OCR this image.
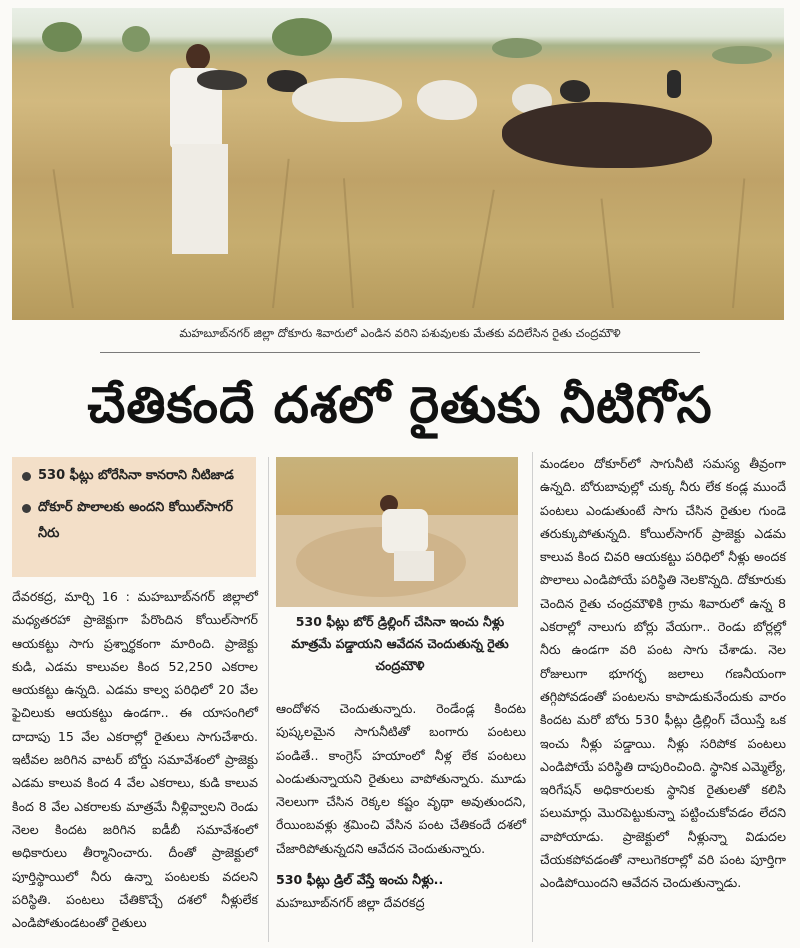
మహబూబ్‌నగర్ జిల్లా దోకూరు శివారులో ఎండిన వరిని పశువులకు మేతకు వదిలేసిన రైతు చంద్రమౌళి
చేతికందే దశలో రైతుకు నీటిగోస
530 ఫీట్లు బోరేసినా కానరాని నీటిజాడ
దోకూర్ పొలాలకు అందని కోయిల్‌సాగర్ నీరు
దేవరకద్ర, మార్చి 16 : మహబూబ్‌నగర్ జిల్లాలో మధ్యతరహా ప్రాజెక్టుగా పేరొందిన కోయిల్‌సాగర్ ఆయకట్టు సాగు ప్రశ్నార్థకంగా మారింది. ప్రాజెక్టు కుడి, ఎడమ కాలువల కింద 52,250 ఎకరాల ఆయకట్టు ఉన్నది. ఎడమ కాల్వ పరిధిలో 20 వేల ఫైచిలుకు ఆయకట్టు ఉండగా.. ఈ యాసంగిలో దాదాపు 15 వేల ఎకరాల్లో రైతులు సాగుచేశారు. ఇటీవల జరిగిన వాటర్ బోర్డు సమావేశంలో ప్రాజెక్టు ఎడమ కాలువ కింద 4 వేల ఎకరాలు, కుడి కాలువ కింద 8 వేల ఎకరాలకు మాత్రమే నీళ్లివ్వాలని రెండు నెలల కిందట జరిగిన ఐడీబీ సమావేశంలో అధికారులు తీర్మానించారు. దీంతో ప్రాజెక్టులో పూర్తిస్థాయిలో నీరు ఉన్నా పంటలకు వదలని పరిస్థితి. పంటలు చేతికొచ్చే దశలో నీళ్లులేక ఎండిపోతుండటంతో రైతులు
530 ఫీట్లు బోర్ డ్రిల్లింగ్ చేసినా ఇంచు నీళ్లు మాత్రమే పడ్డాయని ఆవేదన చెందుతున్న రైతు చంద్రమౌళి
ఆందోళన చెందుతున్నారు. రెండేండ్ల కిందట పుష్కలమైన సాగునీటితో బంగారు పంటలు పండితే.. కాంగ్రెస్ హయాంలో నీళ్ల లేక పంటలు ఎండుతున్నాయని రైతులు వాపోతున్నారు. మూడు నెలలుగా చేసిన రెక్కల కష్టం వృథా అవుతుందని, రేయింబవళ్లు శ్రమించి వేసిన పంట చేతికందే దశలో చేజారిపోతున్నదని ఆవేదన చెందుతున్నారు.
530 ఫీట్లు డ్రిల్ వేస్తే ఇంచు నీళ్లు..
మహబూబ్‌నగర్ జిల్లా దేవరకద్ర
మండలం దోకూర్‌లో సాగునీటి సమస్య తీవ్రంగా ఉన్నది. బోరుబావుల్లో చుక్క నీరు లేక కండ్ల ముందే పంటలు ఎండుతుంటే సాగు చేసిన రైతుల గుండె తరుక్కుపోతున్నది. కోయిల్‌సాగర్ ప్రాజెక్టు ఎడమ కాలువ కింద చివరి ఆయకట్టు పరిధిలో నీళ్లు అందక పొలాలు ఎండిపోయే పరిస్థితి నెలకొన్నది. దోకూరుకు చెందిన రైతు చంద్రమౌళికి గ్రామ శివారులో ఉన్న 8 ఎకరాల్లో నాలుగు బోర్లు వేయగా.. రెండు బోర్లల్లో నీరు ఉండగా వరి పంట సాగు చేశాడు. నెల రోజులుగా భూగర్భ జలాలు గణనీయంగా తగ్గిపోవడంతో పంటలను కాపాడుకునేందుకు వారం కిందట మరో బోరు 530 ఫీట్లు డ్రిల్లింగ్ చేయిస్తే ఒక ఇంచు నీళ్లు పడ్డాయి. నీళ్లు సరిపోక పంటలు ఎండిపోయే పరిస్థితి దాపురించింది. స్థానిక ఎమ్మెల్యే, ఇరిగేషన్ అధికారులకు స్థానిక రైతులతో కలిసి పలుమార్లు మొరపెట్టుకున్నా పట్టించుకోవడం లేదని వాపోయాడు. ప్రాజెక్టులో నీళ్లున్నా విడుదల చేయకపోవడంతో నాలుగెకరాల్లో వరి పంట పూర్తిగా ఎండిపోయిందని ఆవేదన చెందుతున్నాడు.
